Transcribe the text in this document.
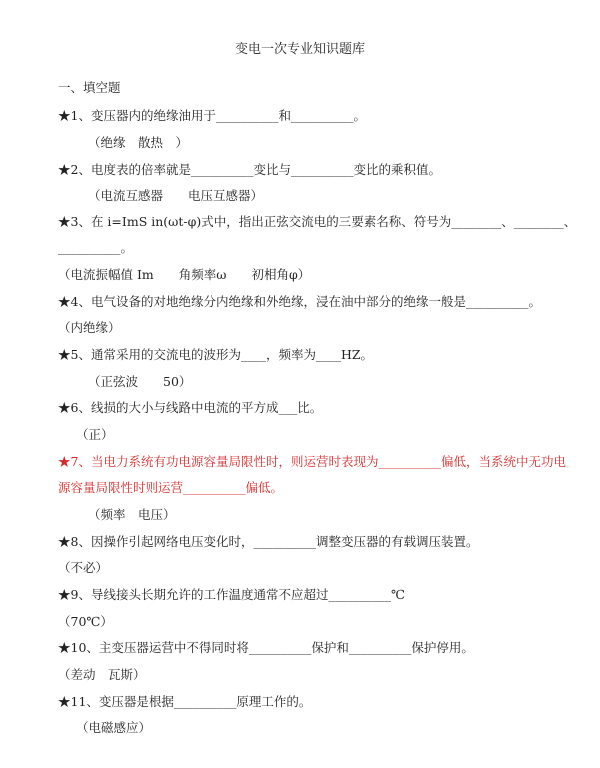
变电一次专业知识题库
一、填空题
★1、变压器内的绝缘油用于__________和__________。
（绝缘　散热　）
★2、电度表的倍率就是__________变比与__________变比的乘积值。
（电流互感器　　电压互感器）
★3、在 i=ImS in(ωt-φ)式中，指出正弦交流电的三要素名称、符号为________、________、
__________。
（电流振幅值 Im　　角频率ω　　初相角φ）
★4、电气设备的对地绝缘分内绝缘和外绝缘，浸在油中部分的绝缘一般是__________。
（内绝缘）
★5、通常采用的交流电的波形为____，频率为____HZ。
（正弦波　　50）
★6、线损的大小与线路中电流的平方成___比。
（正）
★7、当电力系统有功电源容量局限性时，则运营时表现为__________偏低，当系统中无功电
源容量局限性时则运营__________偏低。
（频率　电压）
★8、因操作引起网络电压变化时，__________调整变压器的有载调压装置。
（不必）
★9、导线接头长期允许的工作温度通常不应超过__________℃
（70℃）
★10、主变压器运营中不得同时将__________保护和__________保护停用。
（差动　瓦斯）
★11、变压器是根据__________原理工作的。
（电磁感应）
